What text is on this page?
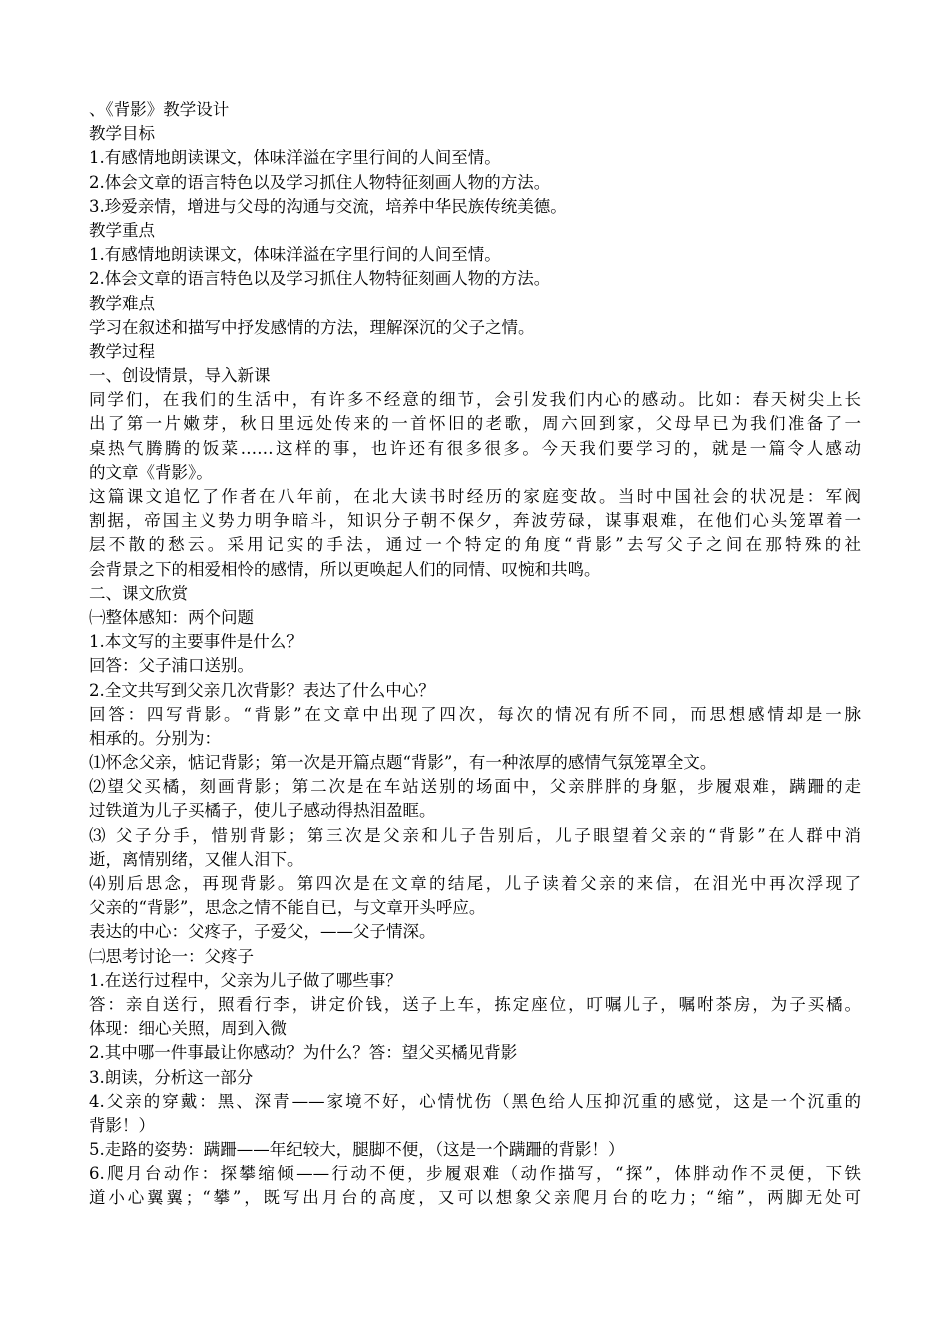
、《背影》教学设计
教学目标
1.有感情地朗读课文，体味洋溢在字里行间的人间至情。
2.体会文章的语言特色以及学习抓住人物特征刻画人物的方法。
3.珍爱亲情，增进与父母的沟通与交流，培养中华民族传统美德。
教学重点
1.有感情地朗读课文，体味洋溢在字里行间的人间至情。
2.体会文章的语言特色以及学习抓住人物特征刻画人物的方法。
教学难点
学习在叙述和描写中抒发感情的方法，理解深沉的父子之情。
教学过程
一、创设情景，导入新课
同学们，在我们的生活中，有许多不经意的细节，会引发我们内心的感动。比如：春天树尖上长
出了第一片嫩芽，秋日里远处传来的一首怀旧的老歌，周六回到家，父母早已为我们准备了一
桌热气腾腾的饭菜……这样的事，也许还有很多很多。今天我们要学习的，就是一篇令人感动
的文章《背影》。
这篇课文追忆了作者在八年前，在北大读书时经历的家庭变故。当时中国社会的状况是：军阀
割据，帝国主义势力明争暗斗，知识分子朝不保夕，奔波劳碌，谋事艰难，在他们心头笼罩着一
层不散的愁云。采用记实的手法，通过一个特定的角度“背影”去写父子之间在那特殊的社
会背景之下的相爱相怜的感情，所以更唤起人们的同情、叹惋和共鸣。
二、课文欣赏
㈠整体感知：两个问题
1.本文写的主要事件是什么？
回答：父子浦口送别。
2.全文共写到父亲几次背影？表达了什么中心？
回答：四写背影。“背影”在文章中出现了四次，每次的情况有所不同，而思想感情却是一脉
相承的。分别为：
⑴怀念父亲，惦记背影；第一次是开篇点题“背影”，有一种浓厚的感情气氛笼罩全文。
⑵望父买橘，刻画背影；第二次是在车站送别的场面中，父亲胖胖的身躯，步履艰难，蹒跚的走
过铁道为儿子买橘子，使儿子感动得热泪盈眶。
⑶ 父子分手，惜别背影；第三次是父亲和儿子告别后，儿子眼望着父亲的“背影”在人群中消
逝，离情别绪，又催人泪下。
⑷别后思念，再现背影。第四次是在文章的结尾，儿子读着父亲的来信，在泪光中再次浮现了
父亲的“背影”，思念之情不能自已，与文章开头呼应。
表达的中心：父疼子，子爱父，——父子情深。
㈡思考讨论一：父疼子
1.在送行过程中，父亲为儿子做了哪些事？
答：亲自送行，照看行李，讲定价钱，送子上车，拣定座位，叮嘱儿子，嘱咐茶房，为子买橘。
体现：细心关照，周到入微
2.其中哪一件事最让你感动？为什么？答：望父买橘见背影
3.朗读，分析这一部分
4.父亲的穿戴：黑、深青——家境不好，心情忧伤（黑色给人压抑沉重的感觉，这是一个沉重的
背影！）
5.走路的姿势：蹒跚——年纪较大，腿脚不便，（这是一个蹒跚的背影！）
6.爬月台动作：探攀缩倾——行动不便，步履艰难（动作描写，“探”，体胖动作不灵便，下铁
道小心翼翼；“攀”，既写出月台的高度，又可以想象父亲爬月台的吃力；“缩”，两脚无处可
